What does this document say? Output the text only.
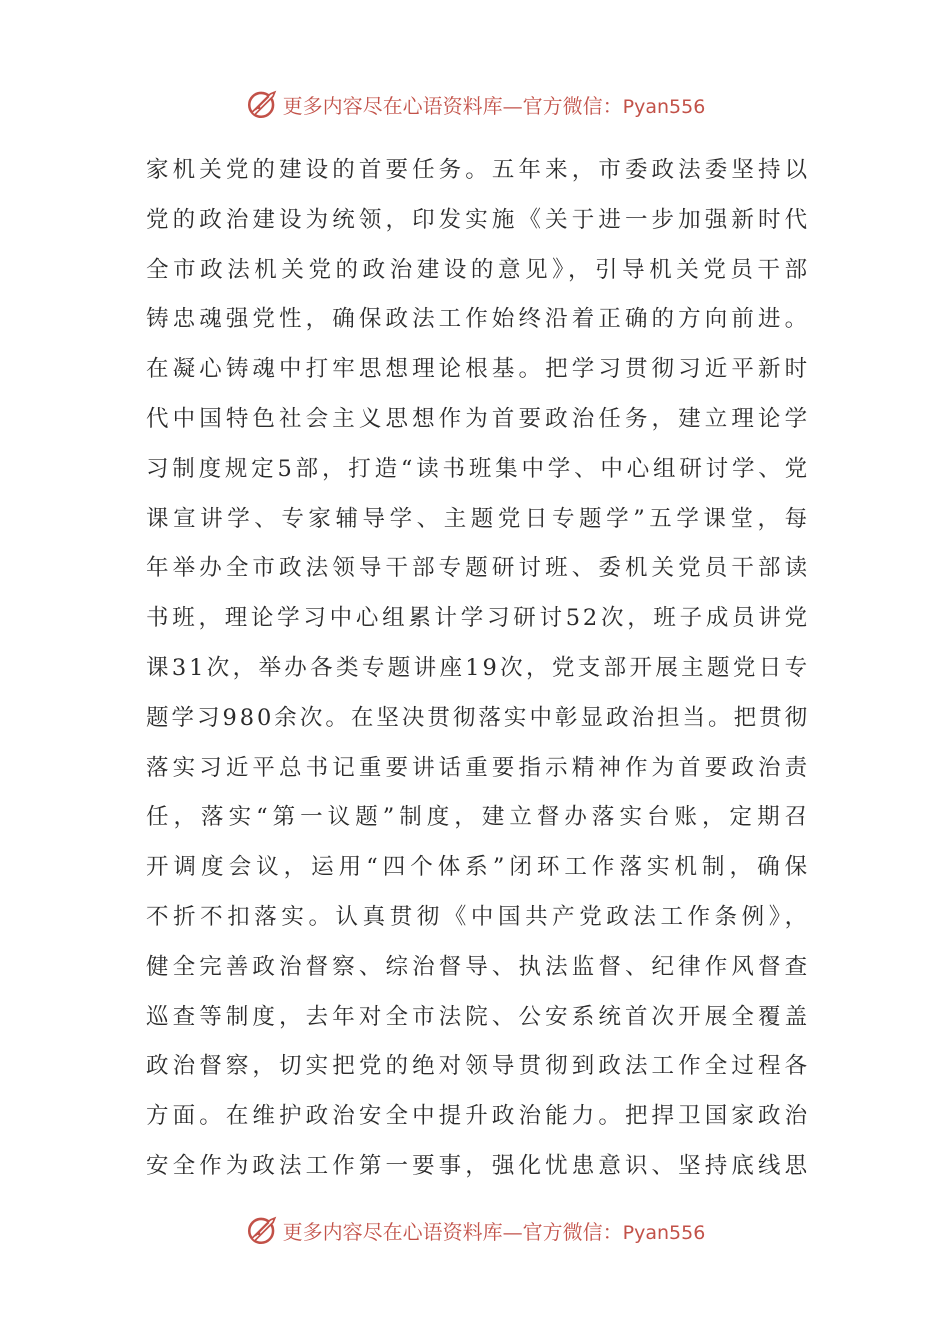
更多内容尽在心语资料库—官方微信：Pyan556
家机关党的建设的首要任务。五年来，市委政法委坚持以
党的政治建设为统领，印发实施《关于进一步加强新时代
全市政法机关党的政治建设的意见》，引导机关党员干部
铸忠魂强党性，确保政法工作始终沿着正确的方向前进。
在凝心铸魂中打牢思想理论根基。把学习贯彻习近平新时
代中国特色社会主义思想作为首要政治任务，建立理论学
习制度规定5部，打造“读书班集中学、中心组研讨学、党
课宣讲学、专家辅导学、主题党日专题学”五学课堂，每
年举办全市政法领导干部专题研讨班、委机关党员干部读
书班，理论学习中心组累计学习研讨52次，班子成员讲党
课31次，举办各类专题讲座19次，党支部开展主题党日专
题学习980余次。在坚决贯彻落实中彰显政治担当。把贯彻
落实习近平总书记重要讲话重要指示精神作为首要政治责
任，落实“第一议题”制度，建立督办落实台账，定期召
开调度会议，运用“四个体系”闭环工作落实机制，确保
不折不扣落实。认真贯彻《中国共产党政法工作条例》，
健全完善政治督察、综治督导、执法监督、纪律作风督查
巡查等制度，去年对全市法院、公安系统首次开展全覆盖
政治督察，切实把党的绝对领导贯彻到政法工作全过程各
方面。在维护政治安全中提升政治能力。把捍卫国家政治
安全作为政法工作第一要事，强化忧患意识、坚持底线思
更多内容尽在心语资料库—官方微信：Pyan556
